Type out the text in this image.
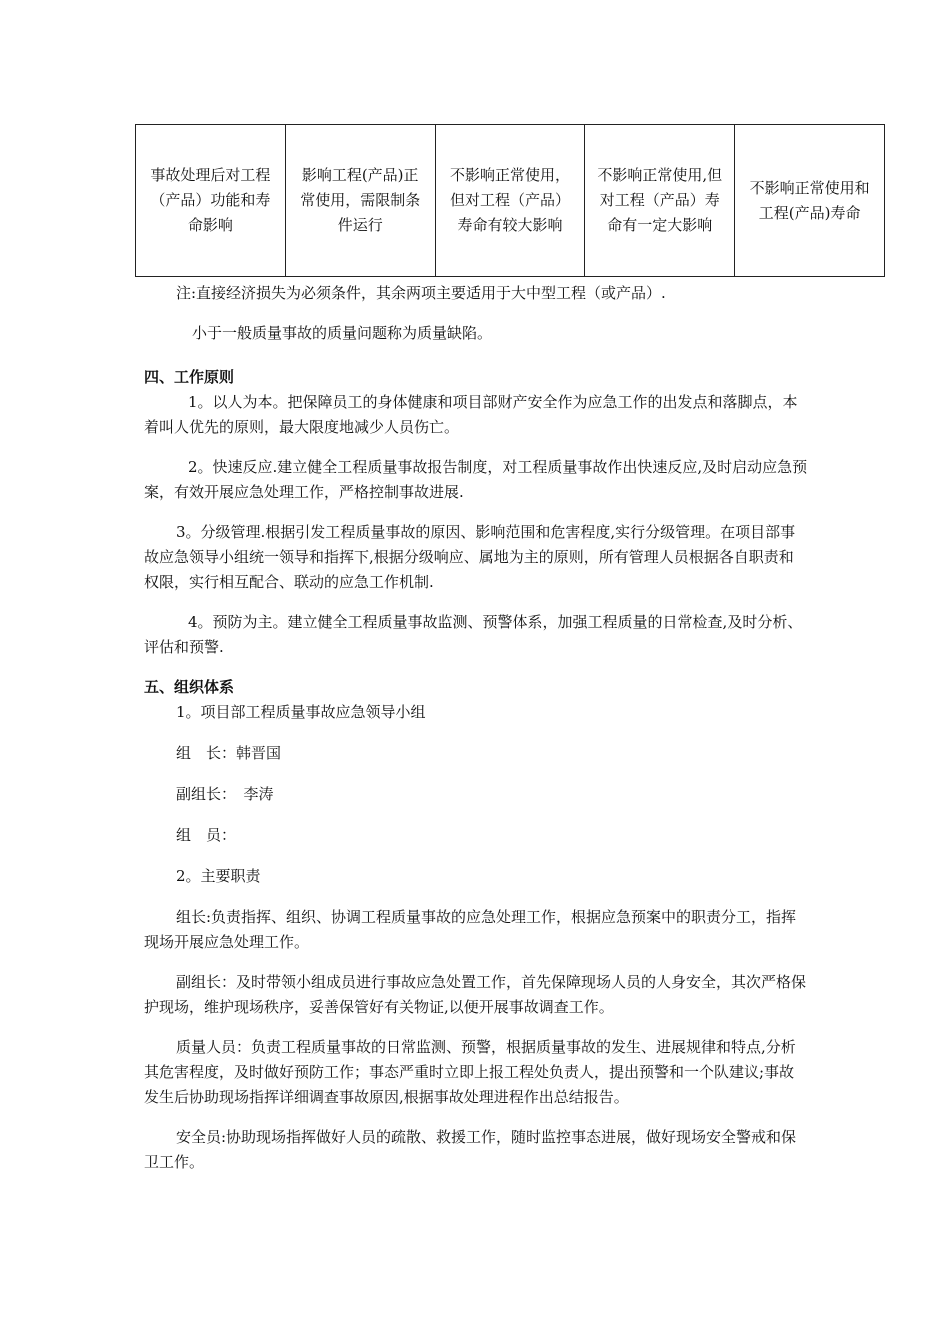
事故处理后对工程（产品）功能和寿命影响	影响工程(产品)正常使用，需限制条件运行	不影响正常使用，但对工程（产品）寿命有较大影响	不影响正常使用,但对工程（产品）寿命有一定大影响	不影响正常使用和工程(产品)寿命

注:直接经济损失为必须条件，其余两项主要适用于大中型工程（或产品）.

小于一般质量事故的质量问题称为质量缺陷。

四、工作原则

1。以人为本。把保障员工的身体健康和项目部财产安全作为应急工作的出发点和落脚点，本着叫人优先的原则，最大限度地减少人员伤亡。

2。快速反应.建立健全工程质量事故报告制度，对工程质量事故作出快速反应,及时启动应急预案，有效开展应急处理工作，严格控制事故进展.

3。分级管理.根据引发工程质量事故的原因、影响范围和危害程度,实行分级管理。在项目部事故应急领导小组统一领导和指挥下,根据分级响应、属地为主的原则，所有管理人员根据各自职责和权限，实行相互配合、联动的应急工作机制.

4。预防为主。建立健全工程质量事故监测、预警体系，加强工程质量的日常检查,及时分析、评估和预警.

五、组织体系

1。项目部工程质量事故应急领导小组

组　长：韩晋国

副组长：　李涛

组　员：

2。主要职责

组长:负责指挥、组织、协调工程质量事故的应急处理工作，根据应急预案中的职责分工，指挥现场开展应急处理工作。

副组长：及时带领小组成员进行事故应急处置工作，首先保障现场人员的人身安全，其次严格保护现场，维护现场秩序，妥善保管好有关物证,以便开展事故调查工作。

质量人员：负责工程质量事故的日常监测、预警，根据质量事故的发生、进展规律和特点,分析其危害程度，及时做好预防工作；事态严重时立即上报工程处负责人，提出预警和一个队建议;事故发生后协助现场指挥详细调查事故原因,根据事故处理进程作出总结报告。

安全员:协助现场指挥做好人员的疏散、救援工作，随时监控事态进展，做好现场安全警戒和保卫工作。
